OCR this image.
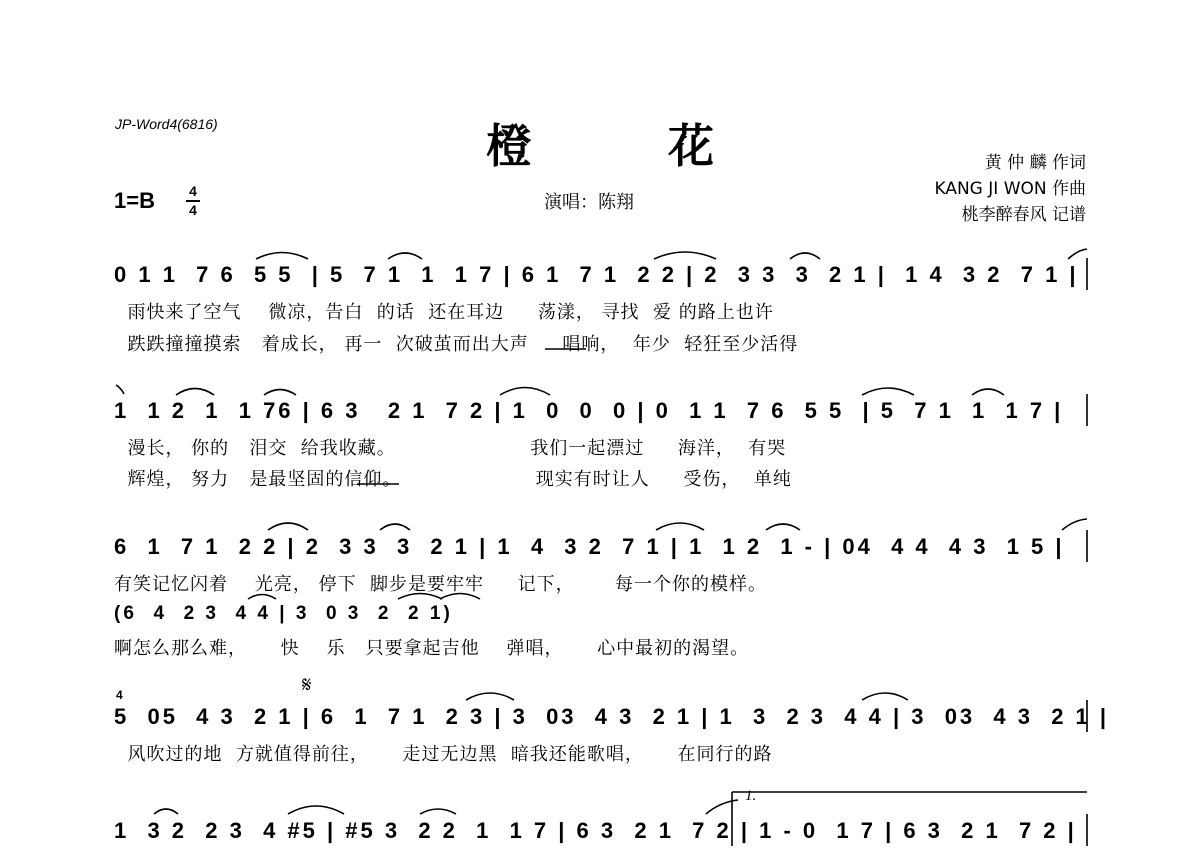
JP-Word4(6816)	橙 花
1=B 4
4	演唱：陈翔
黄 仲 麟 作词
KANG JI WON 作曲
桃李醉春风 记谱
0 1 1  7 6  5 5  | 5  7 1  1  1 7 | 6 1  7 1  2 2 | 2  3 3  3  2 1 |  1 4  3 2  7 1 |
雨快来了空气    微凉，告白  的话  还在耳边     荡漾， 寻找  爱 的路上也许
跌跌撞撞摸索   着成长， 再一  次破茧而出大声     唱响，  年少  轻狂至少活得
1  1 2  1  1 76 | 6 3   2 1  7 2 | 1  0  0  0 | 0  1 1  7 6  5 5  | 5  7 1  1  1 7 |
漫长， 你的   泪交  给我收藏。                    我们一起漂过     海洋，  有哭
辉煌， 努力   是最坚固的信仰。                    现实有时让人     受伤，  单纯
6  1  7 1  2 2 | 2  3 3  3  2 1 | 1  4  3 2  7 1 | 1  1 2  1 - | 04  4 4  4 3  1 5 |
有笑记忆闪着    光亮， 停下  脚步是要牢牢     记下，      每一个你的模样。
(6  4  2 3  4 4 | 3  0 3  2  2 1)
啊怎么那么难，     快    乐   只要拿起吉他    弹唱，     心中最初的渴望。
𝄋
4
5  05  4 3  2 1 | 6  1  7 1  2 3 | 3  03  4 3  2 1 | 1  3  2 3  4 4 | 3  03  4 3  2 1 |
风吹过的地  方就值得前往，     走过无边黑  暗我还能歌唱，     在同行的路
1.
1  3 2  2 3  4 #5 | #5 3  2 2  1  1 7 | 6 3  2 1  7 2 | 1 - 0  1 7 | 6 3  2 1  7 2 |
